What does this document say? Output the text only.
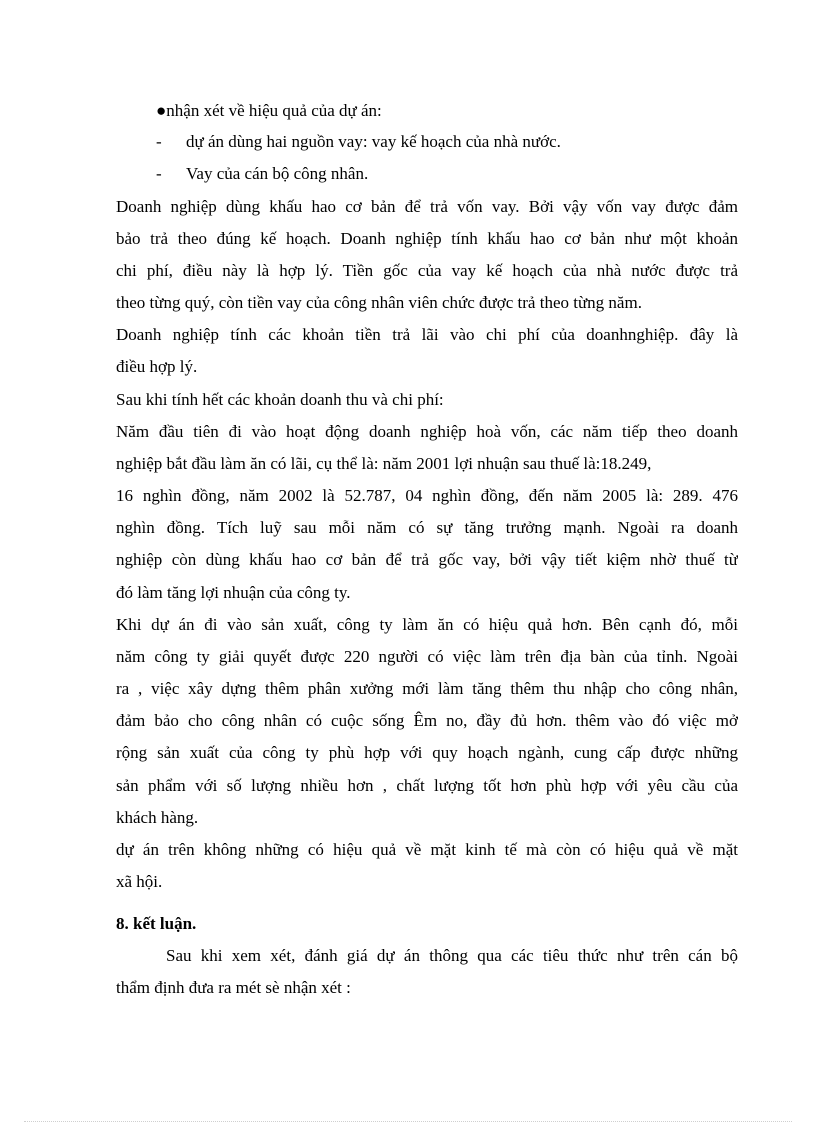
●nhận xét về hiệu quả của dự án:
- dự án dùng hai nguồn vay: vay kế hoạch của nhà nước.
- Vay của cán bộ công nhân.
Doanh nghiệp dùng khấu hao cơ bản để trả vốn vay. Bởi vậy vốn vay được đảm
bảo trả theo đúng kế hoạch. Doanh nghiệp tính khấu hao cơ bản như một khoản
chi phí, điều này là hợp lý. Tiền gốc của vay kế hoạch của nhà nước được trả
theo từng quý, còn tiền vay của công nhân viên chức được trả theo từng năm.
Doanh nghiệp tính các khoản tiền trả lãi vào chi phí của doanhnghiệp. đây là
điều hợp lý.
Sau khi tính hết các khoản doanh thu và chi phí:
Năm đầu tiên đi vào hoạt động doanh nghiệp hoà vốn, các năm tiếp theo doanh
nghiệp bắt đầu làm ăn có lãi, cụ thể là: năm 2001 lợi nhuận sau thuế là:18.249,
16 nghìn đồng, năm 2002 là 52.787, 04 nghìn đồng, đến năm 2005 là: 289. 476
nghìn đồng. Tích luỹ sau mỗi năm có sự tăng trưởng mạnh. Ngoài ra doanh
nghiệp còn dùng khấu hao cơ bản để trả gốc vay, bởi vậy tiết kiệm nhờ thuế từ
đó làm tăng lợi nhuận của công ty.
Khi dự án đi vào sản xuất, công ty làm ăn có hiệu quả hơn. Bên cạnh đó, mỗi
năm công ty giải quyết được 220 người có việc làm trên địa bàn của tỉnh. Ngoài
ra , việc xây dựng thêm phân xưởng mới làm tăng thêm thu nhập cho công nhân,
đảm bảo cho công nhân có cuộc sống Êm no, đầy đủ hơn. thêm vào đó việc mở
rộng sản xuất của công ty phù hợp với quy hoạch ngành, cung cấp được những
sản phẩm với số lượng nhiều hơn , chất lượng tốt hơn phù hợp với yêu cầu của
khách hàng.
dự án trên không những có hiệu quả về mặt kinh tế mà còn có hiệu quả về mặt
xã hội.
8. kết luận.
Sau khi xem xét, đánh giá dự án thông qua các tiêu thức như trên cán bộ
thẩm định đưa ra mét sè nhận xét :
